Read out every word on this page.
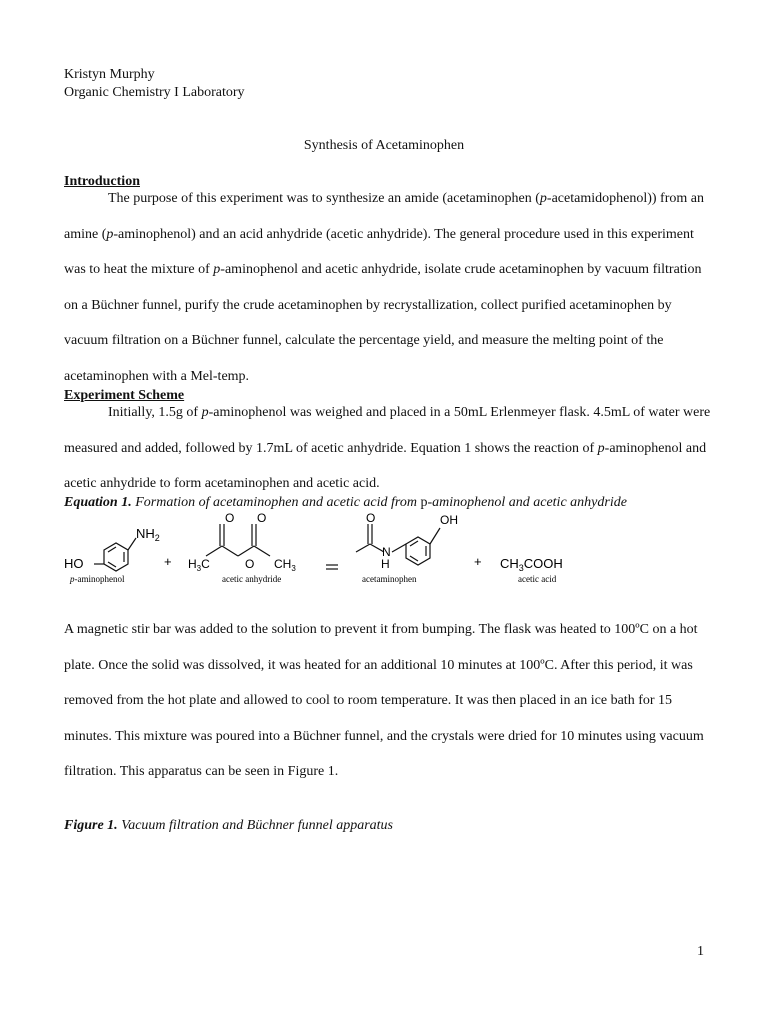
Kristyn Murphy
Organic Chemistry I Laboratory
Synthesis of Acetaminophen
Introduction

The purpose of this experiment was to synthesize an amide (acetaminophen (p-acetamidophenol)) from an amine (p-aminophenol) and an acid anhydride (acetic anhydride). The general procedure used in this experiment was to heat the mixture of p-aminophenol and acetic anhydride, isolate crude acetaminophen by vacuum filtration on a Büchner funnel, purify the crude acetaminophen by recrystallization, collect purified acetaminophen by vacuum filtration on a Büchner funnel, calculate the percentage yield, and measure the melting point of the acetaminophen with a Mel-temp.

Experiment Scheme

Initially, 1.5g of p-aminophenol was weighed and placed in a 50mL Erlenmeyer flask. 4.5mL of water were measured and added, followed by 1.7mL of acetic anhydride. Equation 1 shows the reaction of p-aminophenol and acetic anhydride to form acetaminophen and acetic acid.

Equation 1. Formation of acetaminophen and acetic acid from p-aminophenol and acetic anhydride
$NH_2$
HO
p-aminophenol
+
O O
O
$H_3C$	$CH_3$
acetic anhydride
O
N
H
OH
acetaminophen
+ $CH_3COOH$
acetic acid

A magnetic stir bar was added to the solution to prevent it from bumping. The flask was heated to 100ºC on a hot plate. Once the solid was dissolved, it was heated for an additional 10 minutes at 100ºC. After this period, it was removed from the hot plate and allowed to cool to room temperature. It was then placed in an ice bath for 15 minutes. This mixture was poured into a Büchner funnel, and the crystals were dried for 10 minutes using vacuum filtration. This apparatus can be seen in Figure 1.

Figure 1. Vacuum filtration and Büchner funnel apparatus
1
